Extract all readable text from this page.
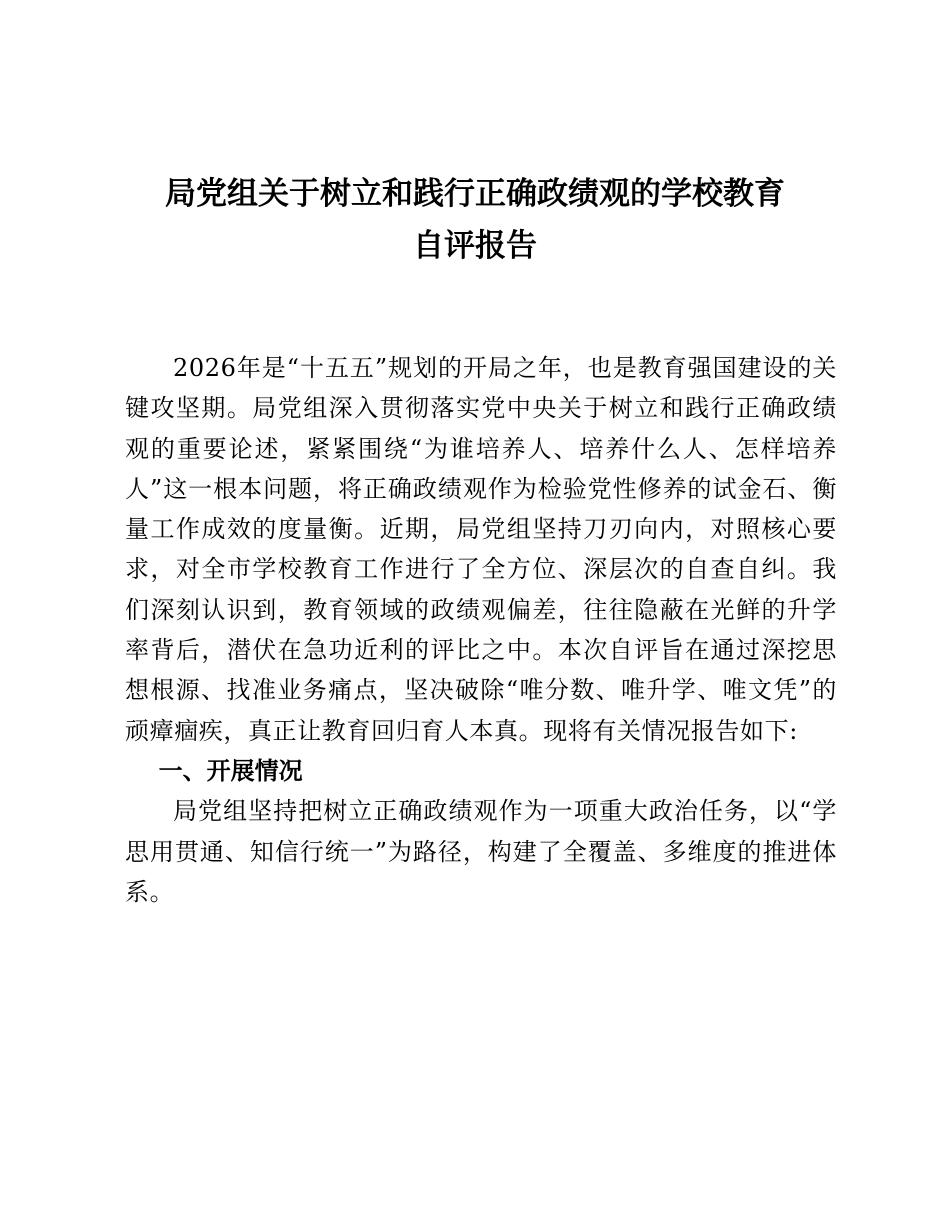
局党组关于树立和践行正确政绩观的学校教育
自评报告

2026年是“十五五”规划的开局之年，也是教育强国建设的关键攻坚期。局党组深入贯彻落实党中央关于树立和践行正确政绩观的重要论述，紧紧围绕“为谁培养人、培养什么人、怎样培养人”这一根本问题，将正确政绩观作为检验党性修养的试金石、衡量工作成效的度量衡。近期，局党组坚持刀刃向内，对照核心要求，对全市学校教育工作进行了全方位、深层次的自查自纠。我们深刻认识到，教育领域的政绩观偏差，往往隐蔽在光鲜的升学率背后，潜伏在急功近利的评比之中。本次自评旨在通过深挖思想根源、找准业务痛点，坚决破除“唯分数、唯升学、唯文凭”的顽瘴痼疾，真正让教育回归育人本真。现将有关情况报告如下:

一、开展情况

局党组坚持把树立正确政绩观作为一项重大政治任务，以“学思用贯通、知信行统一”为路径，构建了全覆盖、多维度的推进体系。
